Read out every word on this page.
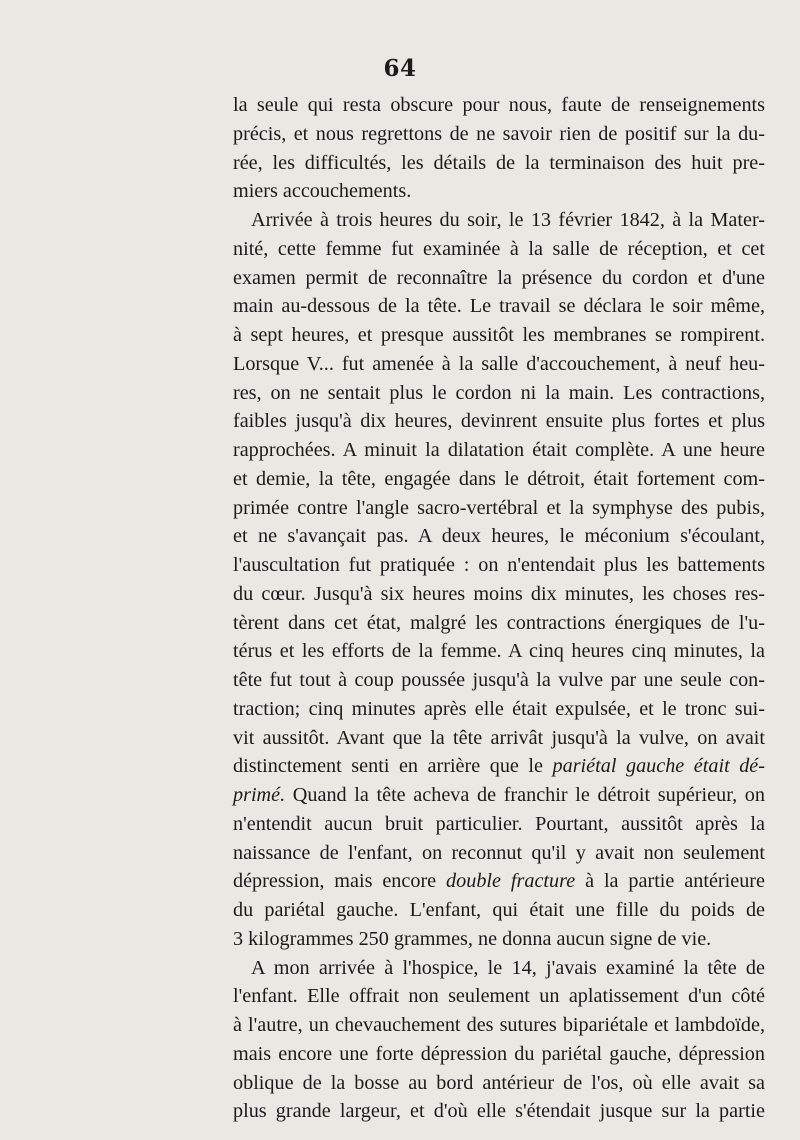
64
la seule qui resta obscure pour nous, faute de renseignements
précis, et nous regrettons de ne savoir rien de positif sur la du-
rée, les difficultés, les détails de la terminaison des huit pre-
miers accouchements.
Arrivée à trois heures du soir, le 13 février 1842, à la Mater-
nité, cette femme fut examinée à la salle de réception, et cet
examen permit de reconnaître la présence du cordon et d'une
main au-dessous de la tête. Le travail se déclara le soir même,
à sept heures, et presque aussitôt les membranes se rompirent.
Lorsque V... fut amenée à la salle d'accouchement, à neuf heu-
res, on ne sentait plus le cordon ni la main. Les contractions,
faibles jusqu'à dix heures, devinrent ensuite plus fortes et plus
rapprochées. A minuit la dilatation était complète. A une heure
et demie, la tête, engagée dans le détroit, était fortement com-
primée contre l'angle sacro-vertébral et la symphyse des pubis,
et ne s'avançait pas. A deux heures, le méconium s'écoulant,
l'auscultation fut pratiquée : on n'entendait plus les battements
du cœur. Jusqu'à six heures moins dix minutes, les choses res-
tèrent dans cet état, malgré les contractions énergiques de l'u-
térus et les efforts de la femme. A cinq heures cinq minutes, la
tête fut tout à coup poussée jusqu'à la vulve par une seule con-
traction; cinq minutes après elle était expulsée, et le tronc sui-
vit aussitôt. Avant que la tête arrivât jusqu'à la vulve, on avait
distinctement senti en arrière que le pariétal gauche était dé-
primé. Quand la tête acheva de franchir le détroit supérieur, on
n'entendit aucun bruit particulier. Pourtant, aussitôt après la
naissance de l'enfant, on reconnut qu'il y avait non seulement
dépression, mais encore double fracture à la partie antérieure
du pariétal gauche. L'enfant, qui était une fille du poids de
3 kilogrammes 250 grammes, ne donna aucun signe de vie.
A mon arrivée à l'hospice, le 14, j'avais examiné la tête de
l'enfant. Elle offrait non seulement un aplatissement d'un côté
à l'autre, un chevauchement des sutures bipariétale et lambdoïde,
mais encore une forte dépression du pariétal gauche, dépression
oblique de la bosse au bord antérieur de l'os, où elle avait sa
plus grande largeur, et d'où elle s'étendait jusque sur la partie
